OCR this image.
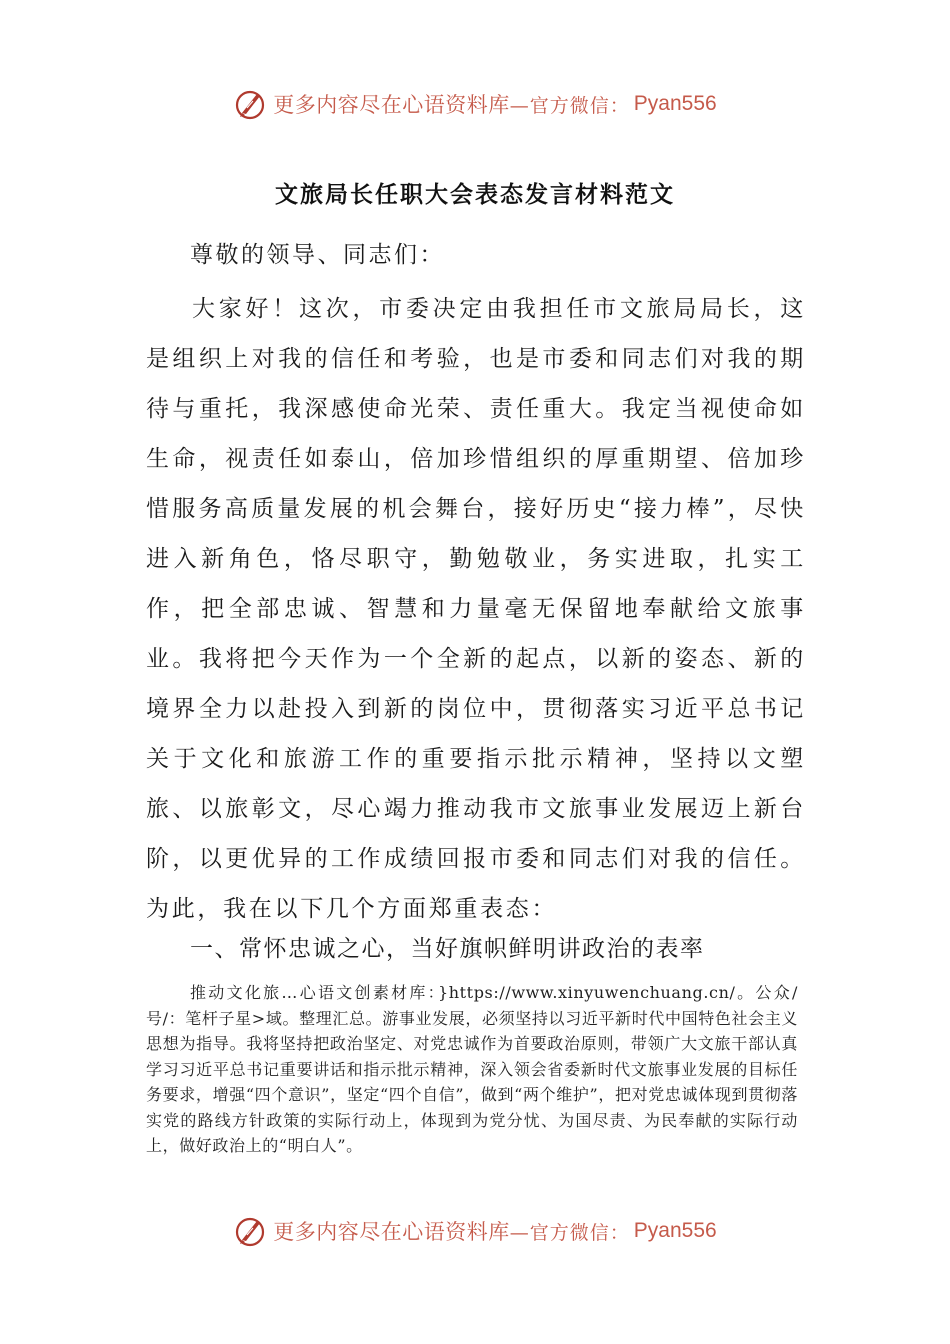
更多内容尽在心语资料库 —官方微信： Pyan556
文旅局长任职大会表态发言材料范文
尊敬的领导、同志们：
大家好！这次，市委决定由我担任市文旅局局长，这是组织上对我的信任和考验，也是市委和同志们对我的期待与重托，我深感使命光荣、责任重大。我定当视使命如生命，视责任如泰山，倍加珍惜组织的厚重期望、倍加珍惜服务高质量发展的机会舞台，接好历史“接力棒”，尽快进入新角色，恪尽职守，勤勉敬业，务实进取，扎实工作，把全部忠诚、智慧和力量毫无保留地奉献给文旅事业。我将把今天作为一个全新的起点，以新的姿态、新的境界全力以赴投入到新的岗位中，贯彻落实习近平总书记关于文化和旅游工作的重要指示批示精神，坚持以文塑旅、以旅彰文，尽心竭力推动我市文旅事业发展迈上新台阶，以更优异的工作成绩回报市委和同志们对我的信任。为此，我在以下几个方面郑重表态：
一、常怀忠诚之心，当好旗帜鲜明讲政治的表率
推动文化旅…心语文创素材库：}https://www.xinyuwenchuang.cn/。公众/号/：笔杆子星>域。整理汇总。游事业发展，必须坚持以习近平新时代中国特色社会主义思想为指导。我将坚持把政治坚定、对党忠诚作为首要政治原则，带领广大文旅干部认真学习习近平总书记重要讲话和指示批示精神，深入领会省委新时代文旅事业发展的目标任务要求，增强“四个意识”，坚定“四个自信”，做到“两个维护”，把对党忠诚体现到贯彻落实党的路线方针政策的实际行动上，体现到为党分忧、为国尽责、为民奉献的实际行动上，做好政治上的“明白人”。
更多内容尽在心语资料库 —官方微信： Pyan556
